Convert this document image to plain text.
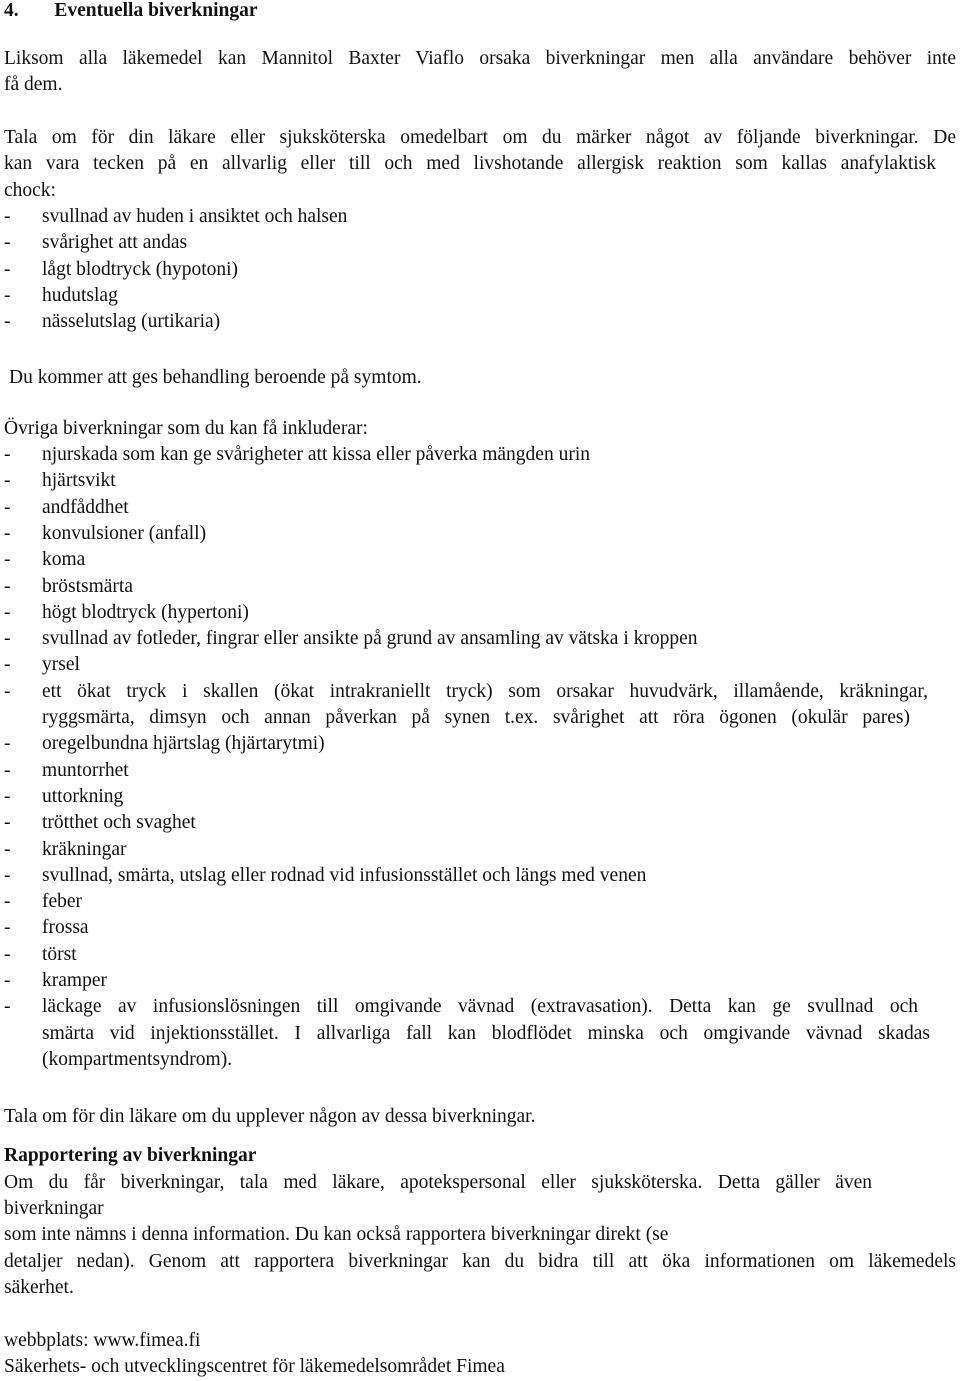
4. Eventuella biverkningar
Liksom alla läkemedel kan Mannitol Baxter Viaflo orsaka biverkningar men alla användare behöver inte
få dem.
Tala om för din läkare eller sjuksköterska omedelbart om du märker något av följande biverkningar. De
kan vara tecken på en allvarlig eller till och med livshotande allergisk reaktion som kallas anafylaktisk
chock:
- svullnad av huden i ansiktet och halsen
- svårighet att andas
- lågt blodtryck (hypotoni)
- hudutslag
- nässelutslag (urtikaria)
Du kommer att ges behandling beroende på symtom.
Övriga biverkningar som du kan få inkluderar:
- njurskada som kan ge svårigheter att kissa eller påverka mängden urin
- hjärtsvikt
- andfåddhet
- konvulsioner (anfall)
- koma
- bröstsmärta
- högt blodtryck (hypertoni)
- svullnad av fotleder, fingrar eller ansikte på grund av ansamling av vätska i kroppen
- yrsel
- ett ökat tryck i skallen (ökat intrakraniellt tryck) som orsakar huvudvärk, illamående, kräkningar,
ryggsmärta, dimsyn och annan påverkan på synen t.ex. svårighet att röra ögonen (okulär pares)
- oregelbundna hjärtslag (hjärtarytmi)
- muntorrhet
- uttorkning
- trötthet och svaghet
- kräkningar
- svullnad, smärta, utslag eller rodnad vid infusionsstället och längs med venen
- feber
- frossa
- törst
- kramper
- läckage av infusionslösningen till omgivande vävnad (extravasation). Detta kan ge svullnad och
smärta vid injektionsstället. I allvarliga fall kan blodflödet minska och omgivande vävnad skadas
(kompartmentsyndrom).
Tala om för din läkare om du upplever någon av dessa biverkningar.
Rapportering av biverkningar
Om du får biverkningar, tala med läkare, apotekspersonal eller sjuksköterska. Detta gäller även
biverkningar
som inte nämns i denna information. Du kan också rapportera biverkningar direkt (se
detaljer nedan). Genom att rapportera biverkningar kan du bidra till att öka informationen om läkemedels
säkerhet.
webbplats: www.fimea.fi
Säkerhets- och utvecklingscentret för läkemedelsområdet Fimea
